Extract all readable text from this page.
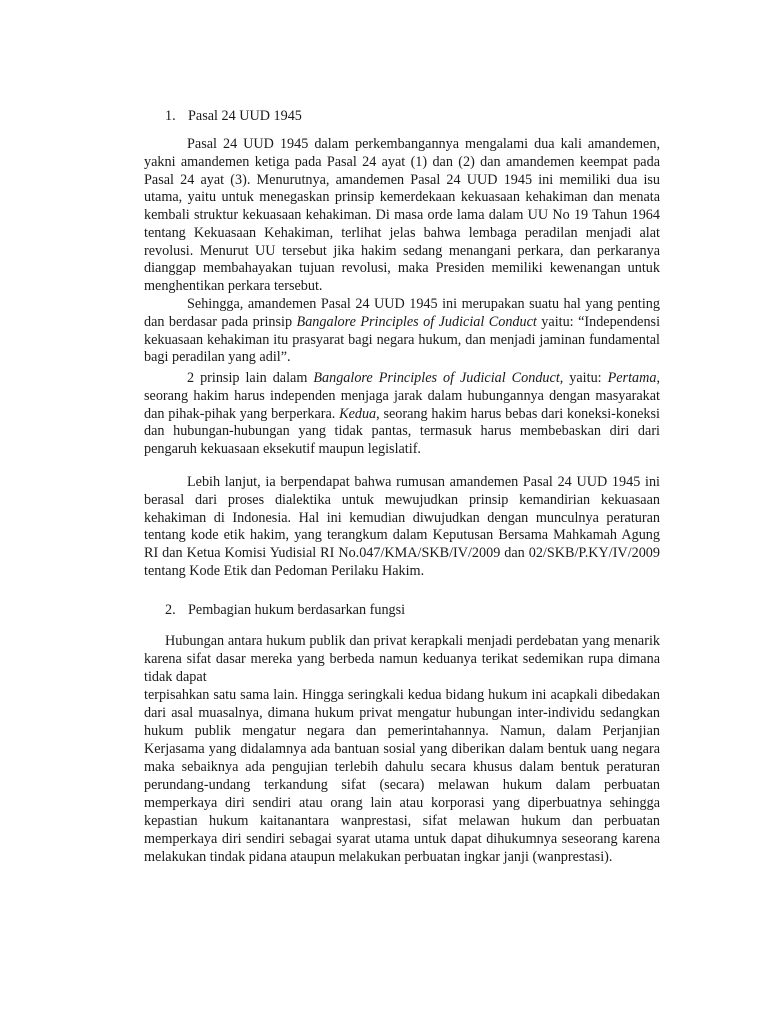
1. Pasal 24 UUD 1945

Pasal 24 UUD 1945 dalam perkembangannya mengalami dua kali amandemen, yakni amandemen ketiga pada Pasal 24 ayat (1) dan (2) dan amandemen keempat pada Pasal 24 ayat (3). Menurutnya, amandemen Pasal 24 UUD 1945 ini memiliki dua isu utama, yaitu untuk menegaskan prinsip kemerdekaan kekuasaan kehakiman dan menata kembali struktur kekuasaan kehakiman. Di masa orde lama dalam UU No 19 Tahun 1964 tentang Kekuasaan Kehakiman, terlihat jelas bahwa lembaga peradilan menjadi alat revolusi. Menurut UU tersebut jika hakim sedang menangani perkara, dan perkaranya dianggap membahayakan tujuan revolusi, maka Presiden memiliki kewenangan untuk menghentikan perkara tersebut.

Sehingga, amandemen Pasal 24 UUD 1945 ini merupakan suatu hal yang penting dan berdasar pada prinsip Bangalore Principles of Judicial Conduct yaitu: “Independensi kekuasaan kehakiman itu prasyarat bagi negara hukum, dan menjadi jaminan fundamental bagi peradilan yang adil”.

2 prinsip lain dalam Bangalore Principles of Judicial Conduct, yaitu: Pertama, seorang hakim harus independen menjaga jarak dalam hubungannya dengan masyarakat dan pihak-pihak yang berperkara. Kedua, seorang hakim harus bebas dari koneksi-koneksi dan hubungan-hubungan yang tidak pantas, termasuk harus membebaskan diri dari pengaruh kekuasaan eksekutif maupun legislatif.

Lebih lanjut, ia berpendapat bahwa rumusan amandemen Pasal 24 UUD 1945 ini berasal dari proses dialektika untuk mewujudkan prinsip kemandirian kekuasaan kehakiman di Indonesia. Hal ini kemudian diwujudkan dengan munculnya peraturan tentang kode etik hakim, yang terangkum dalam Keputusan Bersama Mahkamah Agung RI dan Ketua Komisi Yudisial RI No.047/KMA/SKB/IV/2009 dan 02/SKB/P.KY/IV/2009 tentang Kode Etik dan Pedoman Perilaku Hakim.

2. Pembagian hukum berdasarkan fungsi

Hubungan antara hukum publik dan privat kerapkali menjadi perdebatan yang menarik karena sifat dasar mereka yang berbeda namun keduanya terikat sedemikan rupa dimana tidak dapat
terpisahkan satu sama lain. Hingga seringkali kedua bidang hukum ini acapkali dibedakan dari asal muasalnya, dimana hukum privat mengatur hubungan inter-individu sedangkan hukum publik mengatur negara dan pemerintahannya. Namun, dalam Perjanjian Kerjasama yang didalamnya ada bantuan sosial yang diberikan dalam bentuk uang negara maka sebaiknya ada pengujian terlebih dahulu secara khusus dalam bentuk peraturan perundang-undang terkandung sifat (secara) melawan hukum dalam perbuatan memperkaya diri sendiri atau orang lain atau korporasi yang diperbuatnya sehingga kepastian hukum kaitanantara wanprestasi, sifat melawan hukum dan perbuatan memperkaya diri sendiri sebagai syarat utama untuk dapat dihukumnya seseorang karena melakukan tindak pidana ataupun melakukan perbuatan ingkar janji (wanprestasi).
